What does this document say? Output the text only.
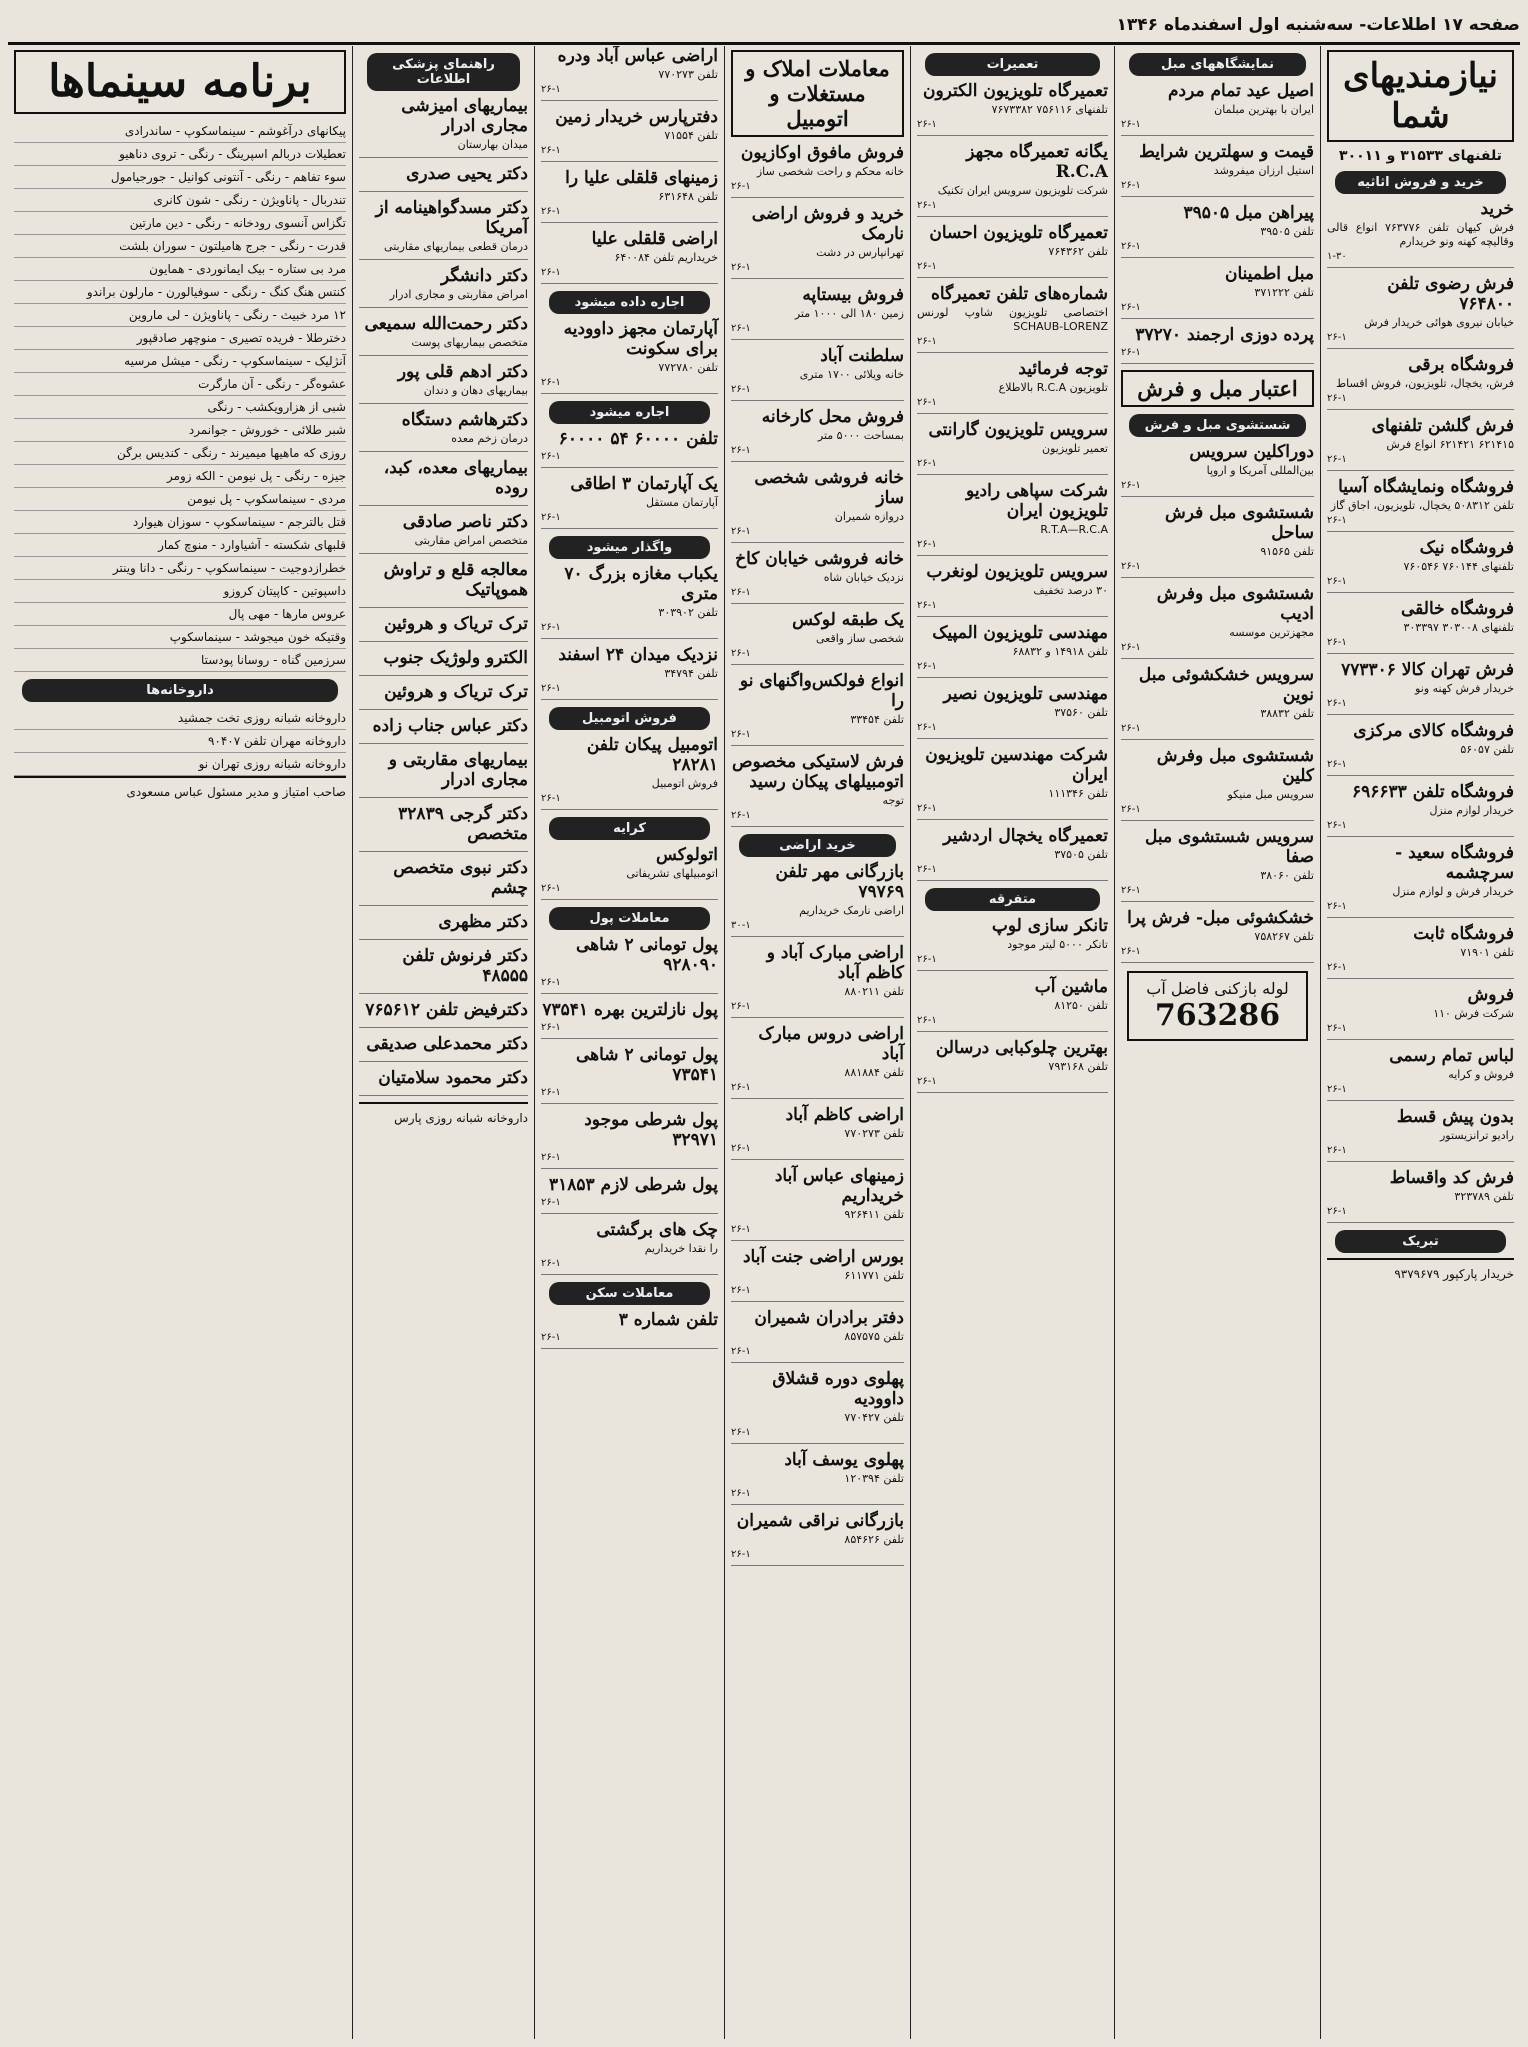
صفحه ۱۷ اطلاعات- سه‌شنبه اول اسفندماه ۱۳۴۶
نیازمندیهای شما
تلفنهای ۳۱۵۳۳ و ۳۰۰۱۱
خرید و فروش اثاثیه
خرید

فرش کیهان تلفن ۷۶۳۷۷۶ انواع قالی وقالیچه کهنه ونو خریدارم

۱-۳۰
فرش رضوی تلفن ۷۶۴۸۰۰

خیابان نیروی هوائی خریدار فرش

۲۶-۱
فروشگاه برقی

فرش، یخچال، تلویزیون، فروش اقساط

۲۶-۱
فرش گلشن تلفنهای

۶۲۱۴۱۵ ۶۲۱۴۲۱ انواع فرش

۲۶-۱
فروشگاه ونمایشگاه آسیا

تلفن ۵۰۸۳۱۲ یخچال، تلویزیون، اجاق گاز

۲۶-۱
فروشگاه نیک

تلفنهای ۷۶۰۱۴۴ ۷۶۰۵۴۶

۲۶-۱
فروشگاه خالقی

تلفنهای ۳۰۳۰۰۸ ۳۰۳۳۹۷

۲۶-۱
فرش تهران کالا ۷۷۳۳۰۶

خریدار فرش کهنه ونو

۲۶-۱
فروشگاه کالای مرکزی

تلفن ۵۶۰۵۷

۲۶-۱
فروشگاه تلفن ۶۹۶۶۳۳

خریدار لوازم منزل

۲۶-۱
فروشگاه سعید - سرچشمه

خریدار فرش و لوازم منزل

۲۶-۱
فروشگاه ثابت

تلفن ۷۱۹۰۱

۲۶-۱
فروش

شرکت فرش ۱۱۰

۲۶-۱
لباس تمام رسمی

فروش و کرایه

۲۶-۱
بدون پیش قسط

رادیو ترانزیستور

۲۶-۱
فرش کد واقساط

تلفن ۳۲۳۷۸۹

۲۶-۱
تبریک
خریدار پارکپور ۹۳۷۹۶۷۹
نمایشگاههای مبل
اصیل عید تمام مردم

ایران با بهترین مبلمان

۲۶-۱
قیمت و سهلترین شرایط

استیل ارزان میفروشد

۲۶-۱
پیراهن مبل ۳۹۵۰۵

تلفن ۳۹۵۰۵

۲۶-۱
مبل اطمینان

تلفن ۳۷۱۲۲۲

۲۶-۱
پرده دوزی ارجمند ۳۷۲۷۰
۲۶-۱
اعتبار مبل و فرش
شستشوی مبل و فرش
دوراکلین سرویس

بین‌المللی آمریکا و اروپا

۲۶-۱
شستشوی مبل فرش ساحل

تلفن ۹۱۵۶۵

۲۶-۱
شستشوی مبل وفرش ادیب

مجهزترین موسسه

۲۶-۱
سرویس خشکشوئی مبل نوین

تلفن ۳۸۸۳۲

۲۶-۱
شستشوی مبل وفرش کلین

سرویس مبل منیکو

۲۶-۱
سرویس شستشوی مبل صفا

تلفن ۳۸۰۶۰

۲۶-۱
خشکشوئی مبل- فرش پرا

تلفن ۷۵۸۲۶۷

۲۶-۱
لوله بازکنی فاضل آب
763286
تعمیرات
تعمیرگاه تلویزیون الکترون

تلفنهای ۷۵۶۱۱۶ ۷۶۷۳۳۸۲

۲۶-۱
یگانه تعمیرگاه مجهز R.C.A

شرکت تلویزیون سرویس ایران تکنیک

۲۶-۱
تعمیرگاه تلویزیون احسان

تلفن ۷۶۴۳۶۲

۲۶-۱
شماره‌های تلفن تعمیرگاه

اختصاصی تلویزیون شاوپ لورنس SCHAUB-LORENZ

۲۶-۱
توجه فرمائید

تلویزیون R.C.A بالاطلاع

۲۶-۱
سرویس تلویزیون گارانتی

تعمیر تلویزیون

۲۶-۱
شرکت سپاهی رادیو تلویزیون ایران

R.T.A—R.C.A

۲۶-۱
سرویس تلویزیون لونغرب

۳۰ درصد تخفیف

۲۶-۱
مهندسی تلویزیون المپیک

تلفن ۱۴۹۱۸ و ۶۸۸۳۲

۲۶-۱
مهندسی تلویزیون نصیر

تلفن ۳۷۵۶۰

۲۶-۱
شرکت مهندسین تلویزیون ایران

تلفن ۱۱۱۳۴۶

۲۶-۱
تعمیرگاه یخچال اردشیر

تلفن ۳۷۵۰۵

۲۶-۱
متفرقه
تانکر سازی لوپ

تانکر ۵۰۰۰ لیتر موجود

۲۶-۱
ماشین آب

تلفن ۸۱۲۵۰

۲۶-۱
بهترین چلوکبابی درسالن

تلفن ۷۹۳۱۶۸

۲۶-۱
معاملات املاک و مستغلات و اتومبیل
فروش مافوق اوکازیون

خانه محکم و راحت شخصی ساز

۲۶-۱
خرید و فروش اراضی نارمک

تهرانپارس در دشت

۲۶-۱
فروش بیستاپه

زمین ۱۸۰ الی ۱۰۰۰ متر

۲۶-۱
سلطنت آباد

خانه ویلائی ۱۷۰۰ متری

۲۶-۱
فروش محل کارخانه

بمساحت ۵۰۰۰ متر

۲۶-۱
خانه فروشی شخصی ساز

دروازه شمیران

۲۶-۱
خانه فروشی خیابان کاخ

نزدیک خیابان شاه

۲۶-۱
یک طبقه لوکس

شخصی ساز واقعی

۲۶-۱
انواع فولکس‌واگنهای نو را

تلفن ۳۳۴۵۴

۲۶-۱
فرش لاستیکی مخصوص اتومبیلهای پیکان رسید

توجه

۲۶-۱
خرید اراضی
بازرگانی مهر تلفن ۷۹۷۶۹

اراضی نارمک خریداریم

۳۰-۱
اراضی مبارک آباد و کاظم آباد

تلفن ۸۸۰۲۱۱

۲۶-۱
اراضی دروس مبارک آباد

تلفن ۸۸۱۸۸۴

۲۶-۱
اراضی کاظم آباد

تلفن ۷۷۰۲۷۳

۲۶-۱
زمینهای عباس آباد خریداریم

تلفن ۹۲۶۴۱۱

۲۶-۱
بورس اراضی جنت آباد

تلفن ۶۱۱۷۷۱

۲۶-۱
دفتر برادران شمیران

تلفن ۸۵۷۵۷۵

۲۶-۱
پهلوی دوره قشلاق داوودیه

تلفن ۷۷۰۴۲۷

۲۶-۱
پهلوی یوسف آباد

تلفن ۱۲۰۳۹۴

۲۶-۱
بازرگانی نراقی شمیران

تلفن ۸۵۴۶۲۶

۲۶-۱
اراضی عباس آباد ودره

تلفن ۷۷۰۲۷۳

۲۶-۱
دفترپارس خریدار زمین

تلفن ۷۱۵۵۴

۲۶-۱
زمینهای قلقلی علیا را

تلفن ۶۳۱۶۴۸

۲۶-۱
اراضی قلقلی علیا

خریداریم تلفن ۶۴۰۰۸۴

۲۶-۱
اجاره داده میشود
آپارتمان مجهز داوودیه برای سکونت

تلفن ۷۷۲۷۸۰

۲۶-۱
اجاره میشود
تلفن ۶۰۰۰۰ ۵۴ ۶۰۰۰۰
۲۶-۱
یک آپارتمان ۳ اطاقی

آپارتمان مستقل

۲۶-۱
واگذار میشود
یکباب مغازه بزرگ ۷۰ متری

تلفن ۳۰۳۹۰۲

۲۶-۱
نزدیک میدان ۲۴ اسفند

تلفن ۳۴۷۹۴

۲۶-۱
فروش اتومبیل
اتومبیل پیکان تلفن ۲۸۲۸۱

فروش اتومبیل

۲۶-۱
کرایه
اتولوکس

اتومبیلهای تشریفاتی

۲۶-۱
معاملات پول
پول تومانی ۲ شاهی ۹۲۸۰۹۰
۲۶-۱
پول نازلترین بهره ۷۳۵۴۱
۲۶-۱
پول تومانی ۲ شاهی ۷۳۵۴۱
۲۶-۱
پول شرطی موجود ۳۲۹۷۱
۲۶-۱
پول شرطی لازم ۳۱۸۵۳
۲۶-۱
چک های برگشتی

را نقدا خریداریم

۲۶-۱
معاملات سکن
تلفن شماره ۳
۲۶-۱
راهنمای پزشکی اطلاعات
بیماریهای امیزشی مجاری ادرار

میدان بهارستان

دکتر یحیی صدری
دکتر مسدگواهینامه از آمریکا

درمان قطعی بیماریهای مقاربتی

دکتر دانشگر

امراض مقاربتی و مجاری ادرار

دکتر رحمت‌الله سمیعی

متخصص بیماریهای پوست

دکتر ادهم قلی پور

بیماریهای دهان و دندان

دکترهاشم دستگاه

درمان زخم معده

بیماریهای معده، کبد، روده
دکتر ناصر صادقی

متخصص امراض مقاربتی

معالجه قلع و تراوش هموپاتیک
ترک تریاک و هروئین
الکترو ولوژیک جنوب
ترک تریاک و هروئین
دکتر عباس جناب زاده
بیماریهای مقاربتی و مجاری ادرار
دکتر گرجی ۳۲۸۳۹ متخصص
دکتر نبوی متخصص چشم
دکتر مظهری
دکتر فرنوش تلفن ۴۸۵۵۵
دکترفیض تلفن ۷۶۵۶۱۲
دکتر محمدعلی صدیقی
دکتر محمود سلامتیان
داروخانه شبانه روزی پارس
برنامه سینماها
پیکانهای درآغوشم - سینماسکوپ - ساندرادی
تعطیلات دربالم اسپرینگ - رنگی - تروی دناهیو
سوء تفاهم - رنگی - آنتونی کوانیل - جورجیامول
تندربال - پاناویژن - رنگی - شون کانری
تگزاس آنسوی رودخانه - رنگی - دین مارتین
قدرت - رنگی - جرج هامیلتون - سوران بلشت
مرد بی ستاره - بیک ایمانوردی - همایون
کنتس هنگ کنگ - رنگی - سوفیالورن - مارلون براندو
۱۲ مرد خبیث - رنگی - پاناویژن - لی ماروین
دخترطلا - فریده تصیری - منوچهر صادقپور
آنژلیک - سینماسکوپ - رنگی - میشل مرسیه
عشوه‌گر - رنگی - آن مارگرت
شبی از هزارویکشب - رنگی
شبر طلائی - خوروش - جوانمرد
روزی که ماهیها میمیرند - رنگی - کندیس برگن
جیزه - رنگی - پل نیومن - الکه زومر
مردی - سینماسکوپ - پل نیومن
قتل بالترجم - سینماسکوپ - سوزان هیوارد
قلبهای شکسته - آشیاوارد - منوچ کمار
خطرازدوجیت - سینماسکوپ - رنگی - دانا وینتر
داسپوتین - کاپیتان کروزو
عروس مارها - مهی پال
وقتیکه خون میجوشد - سینماسکوپ
سرزمین گناه - روسانا پودستا
داروخانه‌ها
داروخانه شبانه روزی تخت جمشید
داروخانه مهران تلفن ۹۰۴۰۷
داروخانه شبانه روزی تهران نو
صاحب امتیاز و مدیر مسئول عباس مسعودی
